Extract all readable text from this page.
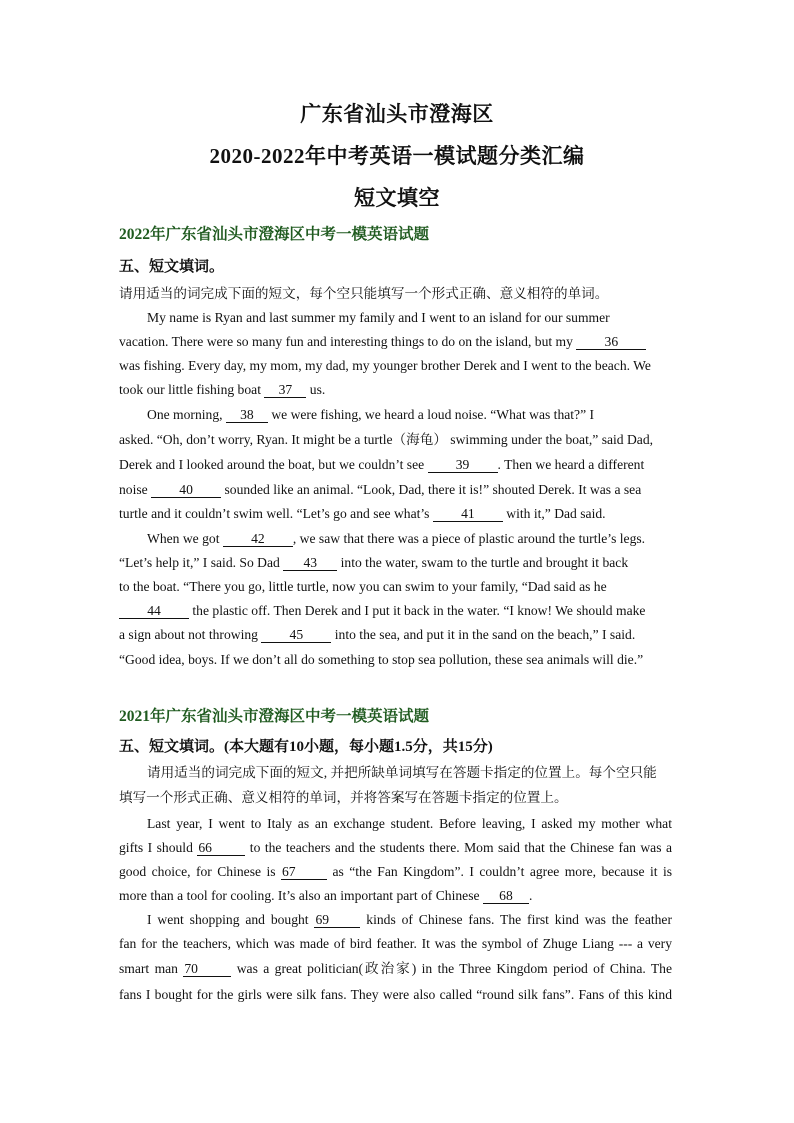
广东省汕头市澄海区
2020-2022年中考英语一模试题分类汇编
短文填空
2022年广东省汕头市澄海区中考一模英语试题
五、短文填词。
请用适当的词完成下面的短文，每个空只能填写一个形式正确、意义相符的单词。
My name is Ryan and last summer my family and I went to an island for our summer
vacation. There were so many fun and interesting things to do on the island, but my 36
was fishing. Every day, my mom, my dad, my younger brother Derek and I went to the beach. We
took our little fishing boat 37 us.
One morning, 38 we were fishing, we heard a loud noise. “What was that?” I
asked. “Oh, don’t worry, Ryan. It might be a turtle（海龟） swimming under the boat,” said Dad,
Derek and I looked around the boat, but we couldn’t see 39 . Then we heard a different
noise 40 sounded like an animal. “Look, Dad, there it is!” shouted Derek. It was a sea
turtle and it couldn’t swim well. “Let’s go and see what’s 41 with it,” Dad said.
When we got 42 , we saw that there was a piece of plastic around the turtle’s legs.
“Let’s help it,” I said. So Dad 43 into the water, swam to the turtle and brought it back
to the boat. “There you go, little turtle, now you can swim to your family, “Dad said as he
44 the plastic off. Then Derek and I put it back in the water. “I know! We should make
a sign about not throwing 45 into the sea, and put it in the sand on the beach,” I said.
“Good idea, boys. If we don’t all do something to stop sea pollution, these sea animals will die.”
2021年广东省汕头市澄海区中考一模英语试题
五、短文填词。(本大题有10小题，每小题1.5分，共15分)
请用适当的词完成下面的短文, 并把所缺单词填写在答题卡指定的位置上。每个空只能
填写一个形式正确、意义相符的单词，并将答案写在答题卡指定的位置上。
Last year, I went to Italy as an exchange student. Before leaving, I asked my mother what
gifts I should 66 to the teachers and the students there. Mom said that the Chinese fan was a
good choice, for Chinese is 67 as “the Fan Kingdom”. I couldn’t agree more, because it is
more than a tool for cooling. It’s also an important part of Chinese 68 .
I went shopping and bought 69 kinds of Chinese fans. The first kind was the feather
fan for the teachers, which was made of bird feather. It was the symbol of Zhuge Liang --- a very
smart man 70 was a great politician(政治家) in the Three Kingdom period of China. The
fans I bought for the girls were silk fans. They were also called “round silk fans”. Fans of this kind
